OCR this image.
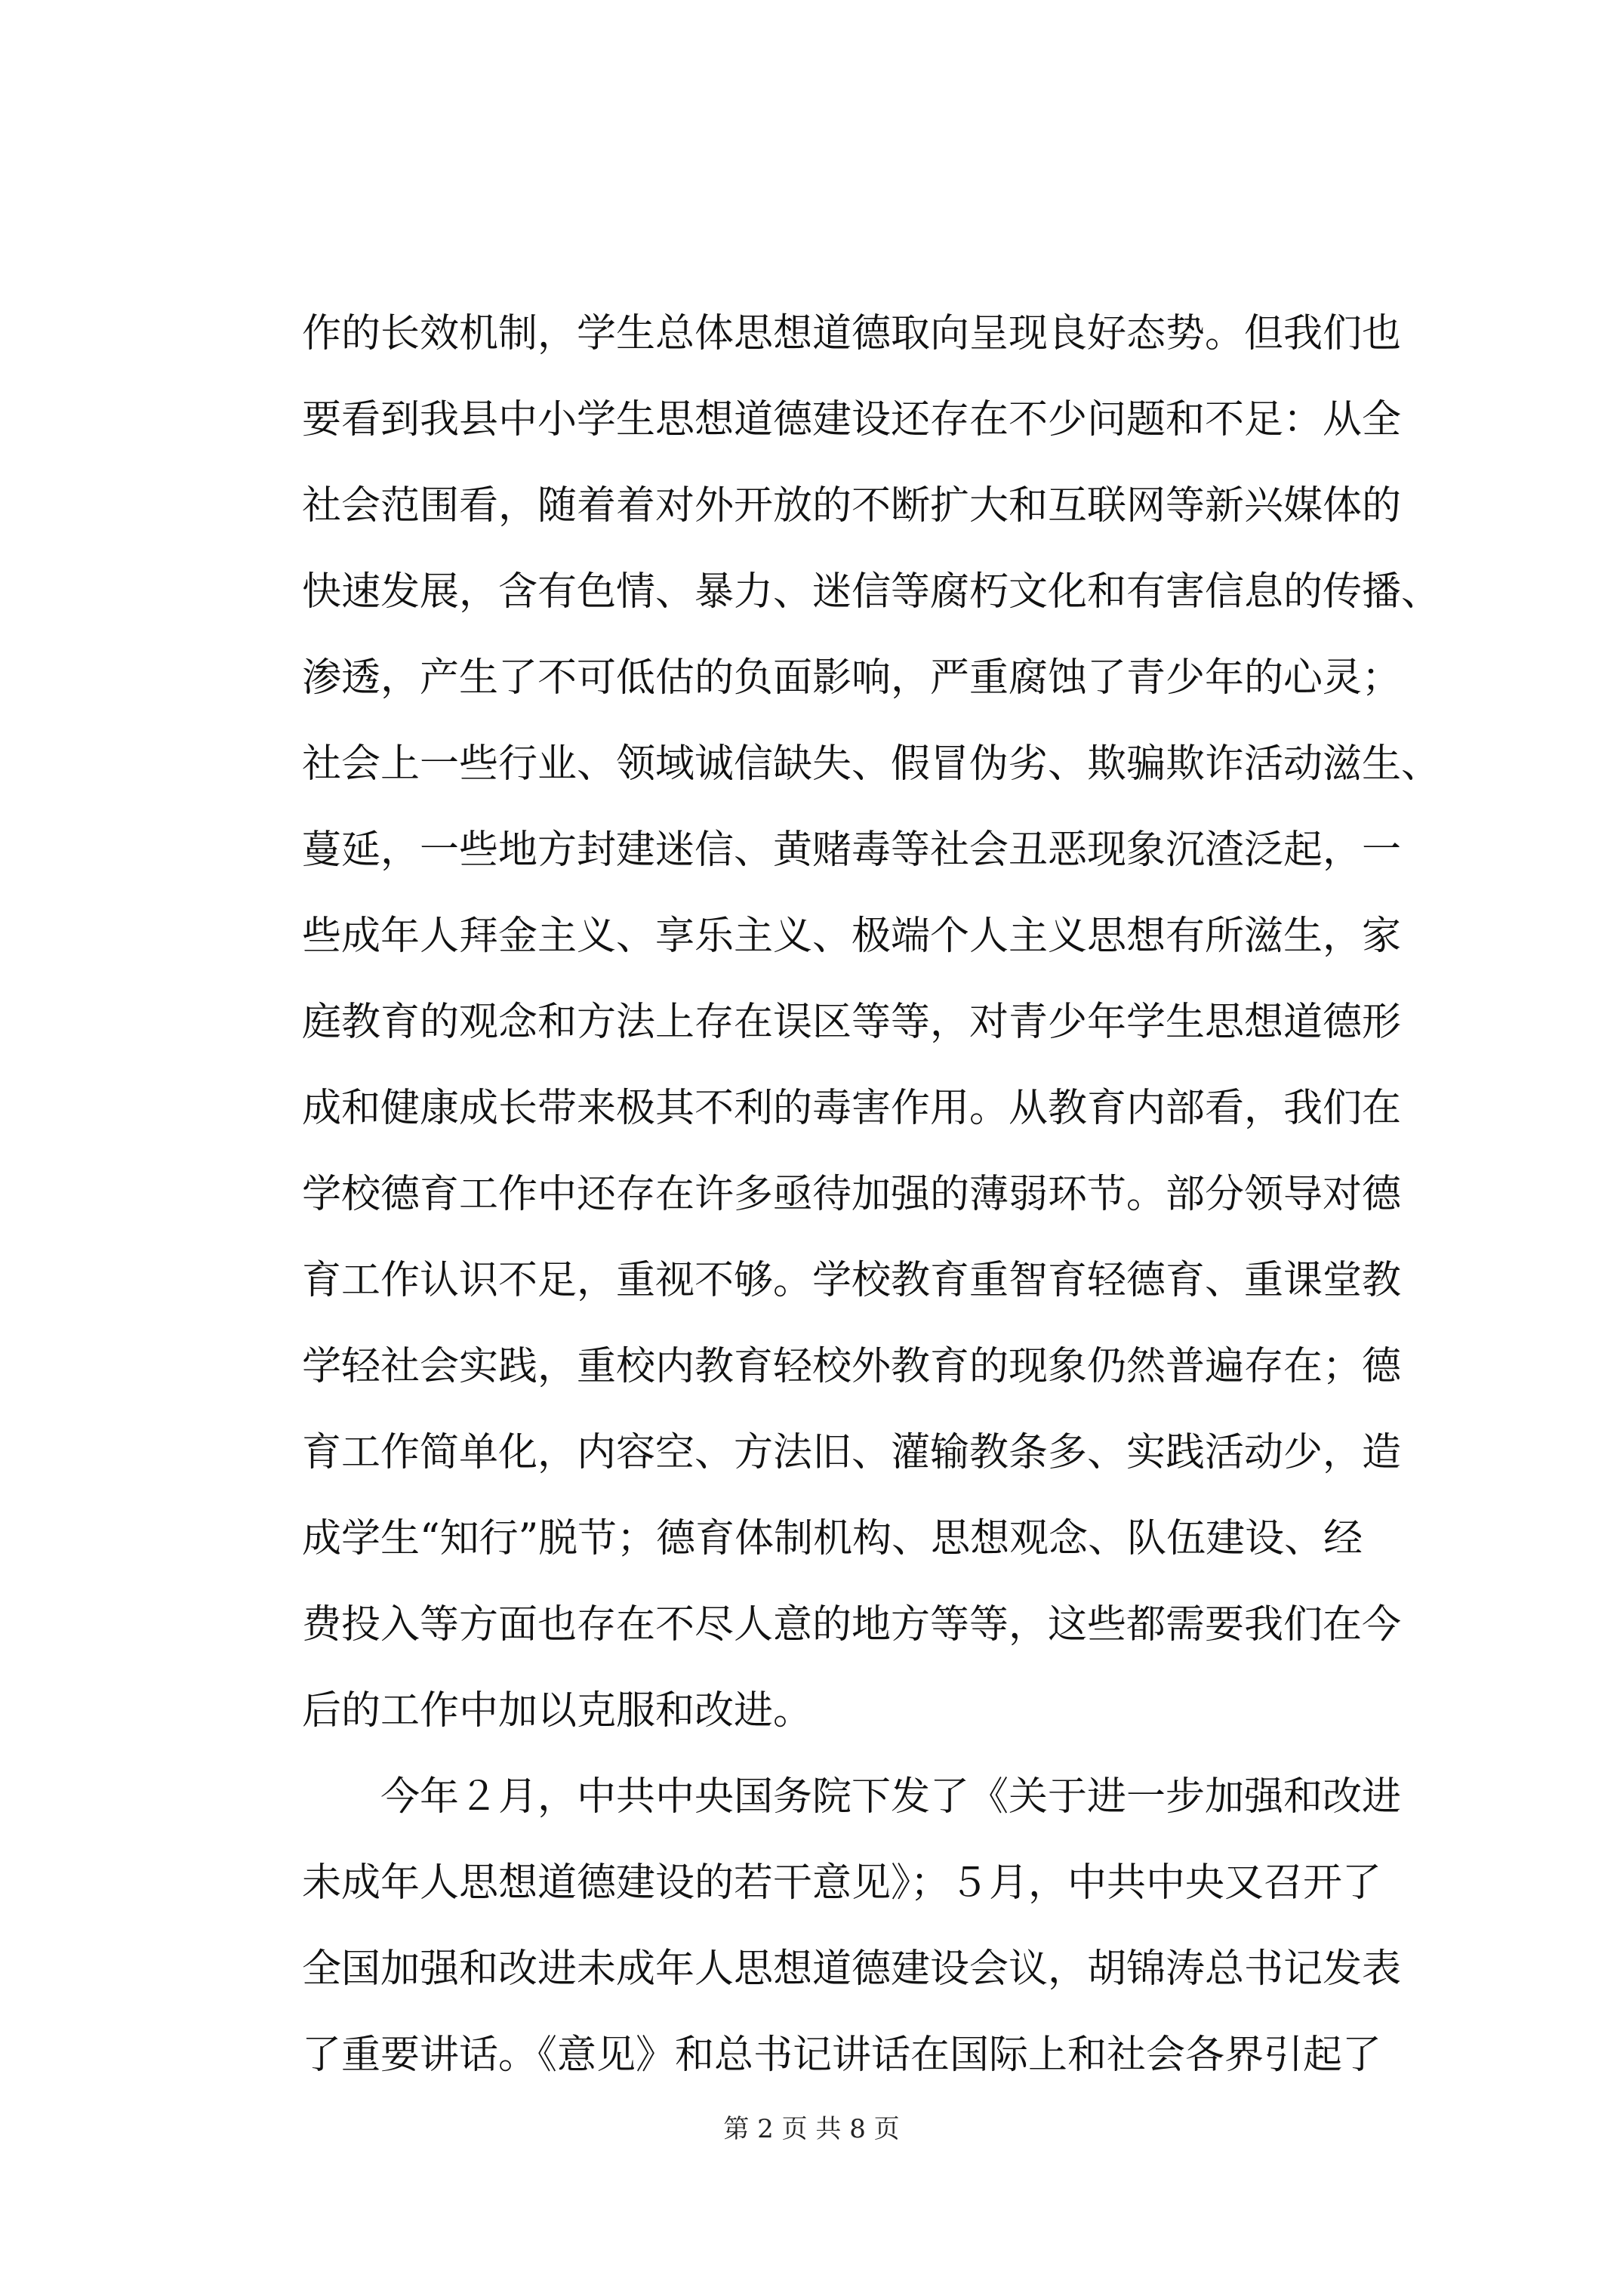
作的长效机制，学生总体思想道德取向呈现良好态势。但我们也
要看到我县中小学生思想道德建设还存在不少问题和不足：从全
社会范围看，随着着对外开放的不断扩大和互联网等新兴媒体的
快速发展，含有色情、暴力、迷信等腐朽文化和有害信息的传播、
渗透，产生了不可低估的负面影响，严重腐蚀了青少年的心灵；
社会上一些行业、领域诚信缺失、假冒伪劣、欺骗欺诈活动滋生、
蔓延，一些地方封建迷信、黄赌毒等社会丑恶现象沉渣泛起，一
些成年人拜金主义、享乐主义、极端个人主义思想有所滋生，家
庭教育的观念和方法上存在误区等等，对青少年学生思想道德形
成和健康成长带来极其不利的毒害作用。从教育内部看，我们在
学校德育工作中还存在许多亟待加强的薄弱环节。部分领导对德
育工作认识不足，重视不够。学校教育重智育轻德育、重课堂教
学轻社会实践，重校内教育轻校外教育的现象仍然普遍存在；德
育工作简单化，内容空、方法旧、灌输教条多、实践活动少，造
成学生“知行”脱节；德育体制机构、思想观念、队伍建设、经
费投入等方面也存在不尽人意的地方等等，这些都需要我们在今
后的工作中加以克服和改进。
今年２月，中共中央国务院下发了《关于进一步加强和改进
未成年人思想道德建设的若干意见》；５月，中共中央又召开了
全国加强和改进未成年人思想道德建设会议，胡锦涛总书记发表
了重要讲话。《意见》和总书记讲话在国际上和社会各界引起了
第 2 页 共 8 页
